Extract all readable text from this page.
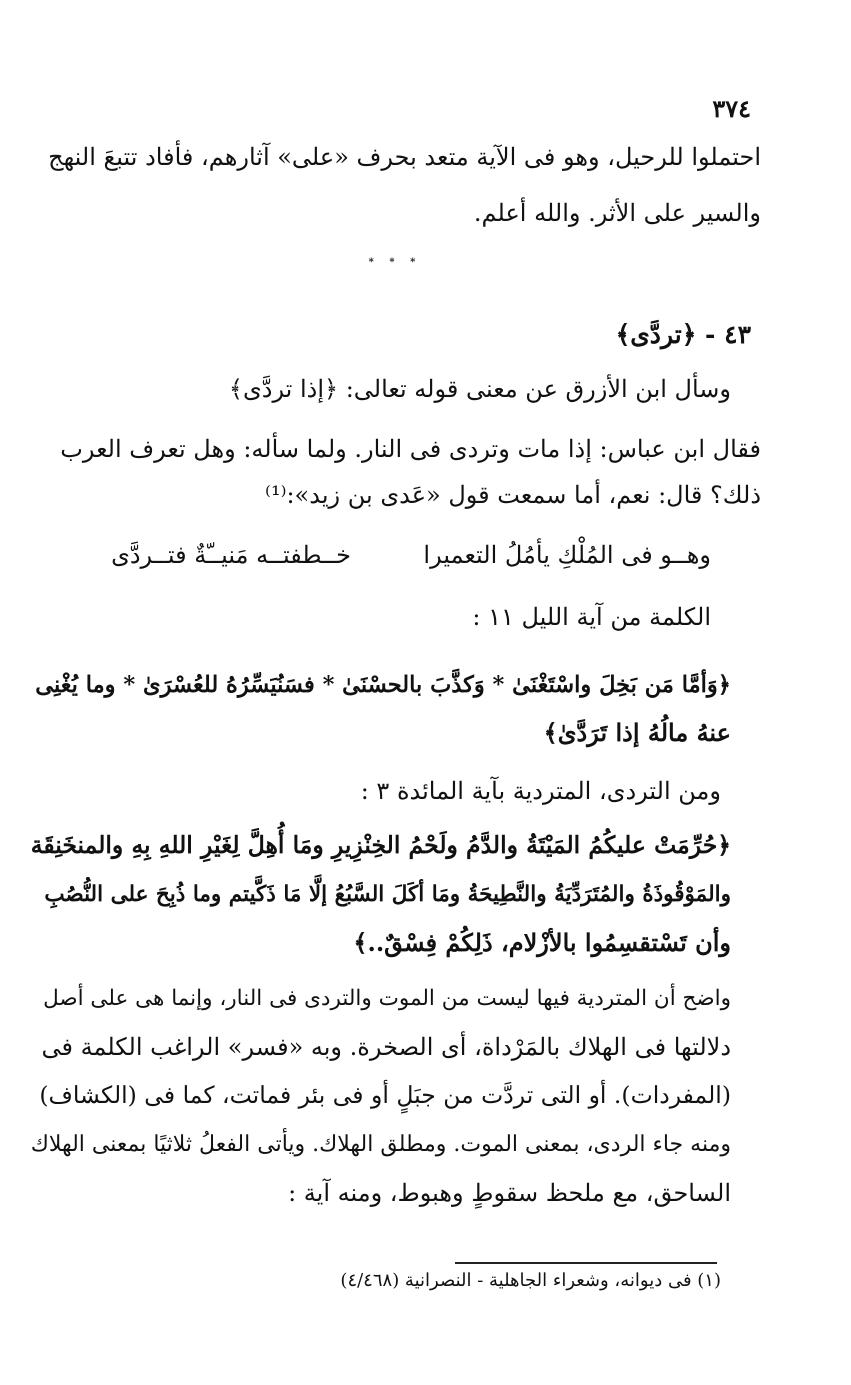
٣٧٤
احتملوا للرحيل، وهو فى الآية متعد بحرف «على» آثارهم، فأفاد تتبعَ النهج
والسير على الأثر. والله أعلم.
* * *
٤٣ - ﴿تردَّى﴾
وسأل ابن الأزرق عن معنى قوله تعالى: ﴿إذا تردَّى﴾
فقال ابن عباس: إذا مات وتردى فى النار. ولما سأله: وهل تعرف العرب
ذلك؟ قال: نعم، أما سمعت قول «عَدى بن زيد»:⁽¹⁾
خــطفتــه مَنيــّةٌ فتــردَّى	وهــو فى المُلْكِ يأمُلُ التعميرا
الكلمة من آية الليل ١١ :
﴿وَأمَّا مَن بَخِلَ واسْتَغْنَىٰ * وَكذَّبَ بالحسْنَىٰ * فسَنُيَسِّرُهُ للعُسْرَىٰ * وما يُغْنِى
عنهُ مالُهُ إذا تَرَدَّىٰ﴾
ومن التردى، المتردية بآية المائدة ٣ :
﴿حُرِّمَتْ عليكُمُ المَيْتَةُ والدَّمُ ولَحْمُ الخِنْزِيرِ ومَا أُهِلَّ لِغَيْرِ اللهِ بِهِ والمنخَنِقَة
والمَوْقُوذَةُ والمُتَرَدِّيَةُ والنَّطِيحَةُ ومَا أكَلَ السَّبُعُ إلَّا مَا ذَكَّيتم وما ذُبِحَ على النُّصُبِ
وأن تَسْتقسِمُوا بالأزْلام، ذَلِكُمْ فِسْقٌ..﴾
واضح أن المتردية فيها ليست من الموت والتردى فى النار، وإنما هى على أصل
دلالتها فى الهلاك بالمَرْداة، أى الصخرة. وبه «فسر» الراغب الكلمة فى
(المفردات). أو التى تردَّت من جبَلٍ أو فى بئر فماتت، كما فى (الكشاف)
ومنه جاء الردى، بمعنى الموت. ومطلق الهلاك. ويأتى الفعلُ ثلاثيًا بمعنى الهلاك
الساحق، مع ملحظ سقوطٍ وهبوط، ومنه آية :
(١) فى ديوانه، وشعراء الجاهلية - النصرانية (٤/٤٦٨)
